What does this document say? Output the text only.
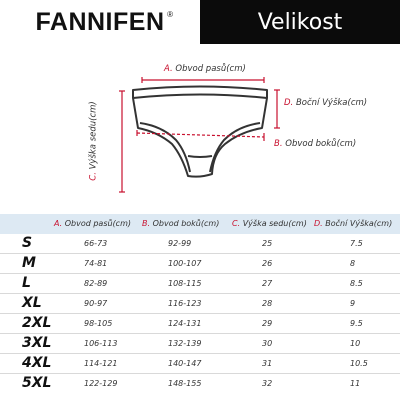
FANNIFEN ®	Velikost
A. Obvod pasů(cm)
D. Boční Výška(cm)
B. Obvod boků(cm)
C. Výška sedu(cm)
A. Obvod pasů(cm) B. Obvod boků(cm) C. Výška sedu(cm) D. Boční Výška(cm)
S	66-73	92-99	25	7.5
M	74-81	100-107	26	8
L	82-89	108-115	27	8.5
XL	90-97	116-123	28	9
2XL	98-105	124-131	29	9.5
3XL	106-113	132-139	30	10
4XL	114-121	140-147	31	10.5
5XL	122-129	148-155	32	11
